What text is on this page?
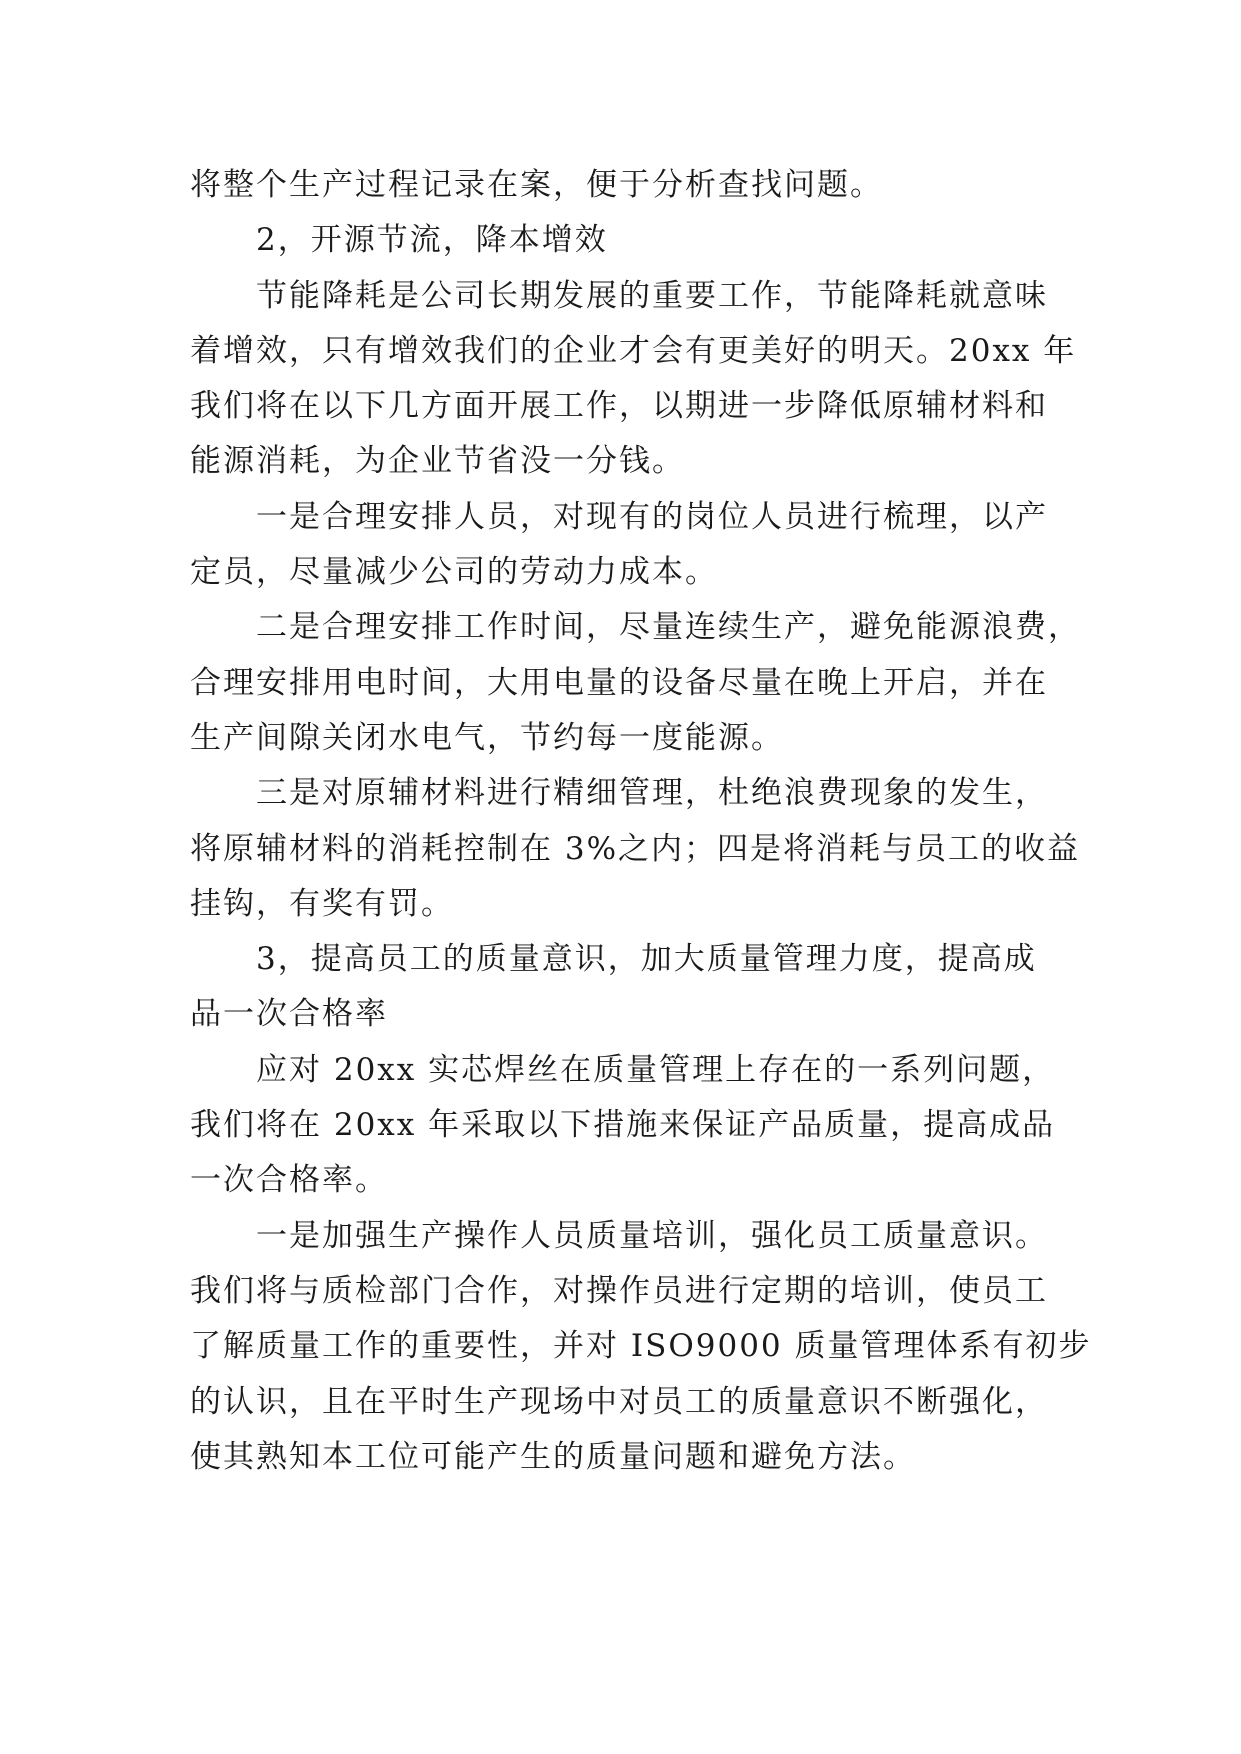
将整个生产过程记录在案，便于分析查找问题。
2，开源节流，降本增效
节能降耗是公司长期发展的重要工作，节能降耗就意味
着增效，只有增效我们的企业才会有更美好的明天。20xx 年
我们将在以下几方面开展工作，以期进一步降低原辅材料和
能源消耗，为企业节省没一分钱。
一是合理安排人员，对现有的岗位人员进行梳理，以产
定员，尽量减少公司的劳动力成本。
二是合理安排工作时间，尽量连续生产，避免能源浪费，
合理安排用电时间，大用电量的设备尽量在晚上开启，并在
生产间隙关闭水电气，节约每一度能源。
三是对原辅材料进行精细管理，杜绝浪费现象的发生，
将原辅材料的消耗控制在 3%之内；四是将消耗与员工的收益
挂钩，有奖有罚。
3，提高员工的质量意识，加大质量管理力度，提高成
品一次合格率
应对 20xx 实芯焊丝在质量管理上存在的一系列问题，
我们将在 20xx 年采取以下措施来保证产品质量，提高成品
一次合格率。
一是加强生产操作人员质量培训，强化员工质量意识。
我们将与质检部门合作，对操作员进行定期的培训，使员工
了解质量工作的重要性，并对 ISO9000 质量管理体系有初步
的认识，且在平时生产现场中对员工的质量意识不断强化，
使其熟知本工位可能产生的质量问题和避免方法。
